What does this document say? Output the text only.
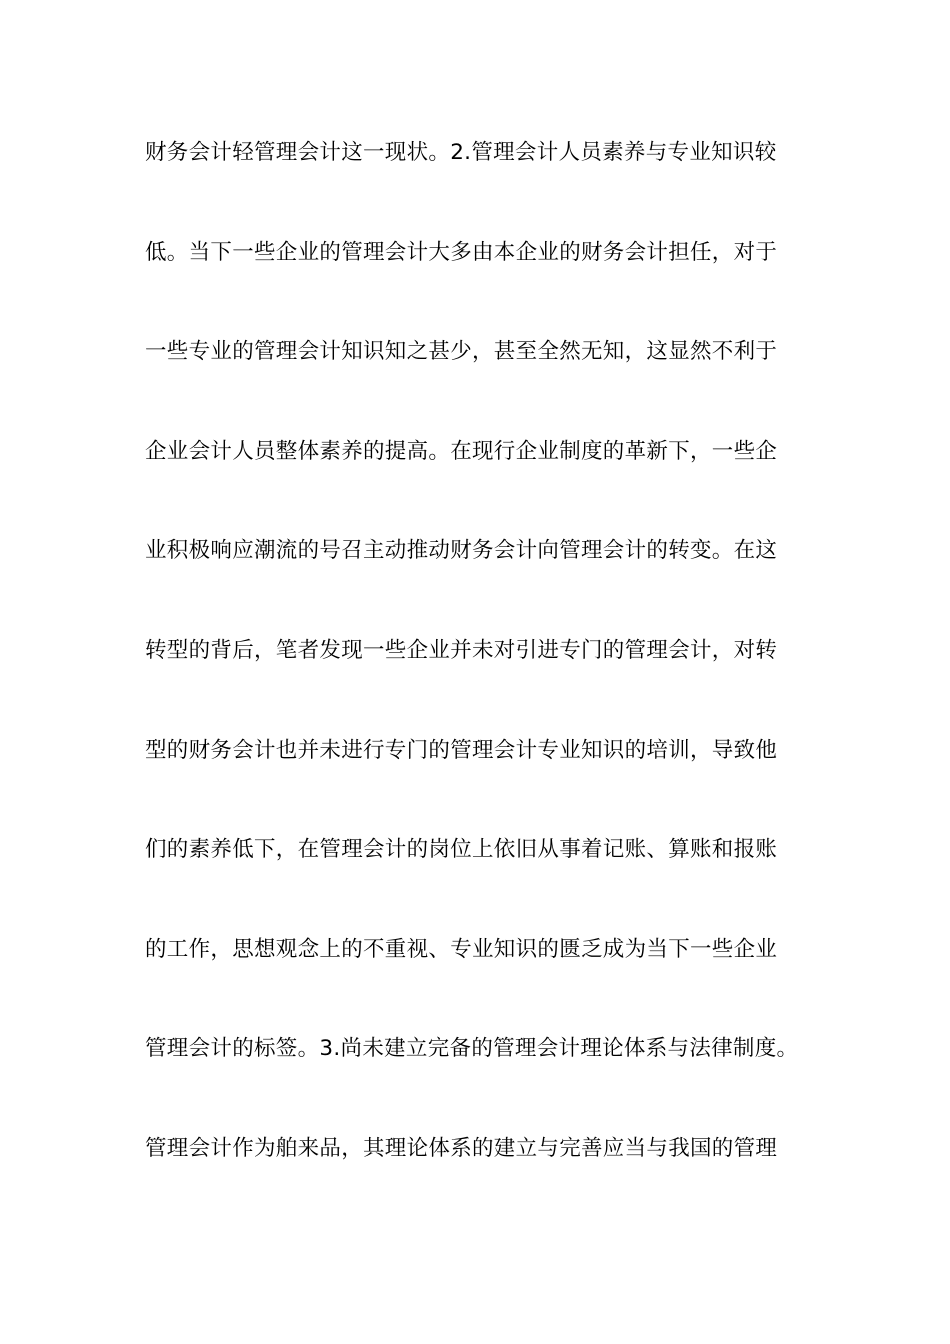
财务会计轻管理会计这一现状。2.管理会计人员素养与专业知识较
低。当下一些企业的管理会计大多由本企业的财务会计担任，对于
一些专业的管理会计知识知之甚少，甚至全然无知，这显然不利于
企业会计人员整体素养的提高。在现行企业制度的革新下，一些企
业积极响应潮流的号召主动推动财务会计向管理会计的转变。在这
转型的背后，笔者发现一些企业并未对引进专门的管理会计，对转
型的财务会计也并未进行专门的管理会计专业知识的培训，导致他
们的素养低下，在管理会计的岗位上依旧从事着记账、算账和报账
的工作，思想观念上的不重视、专业知识的匮乏成为当下一些企业
管理会计的标签。3.尚未建立完备的管理会计理论体系与法律制度。
管理会计作为舶来品，其理论体系的建立与完善应当与我国的管理
